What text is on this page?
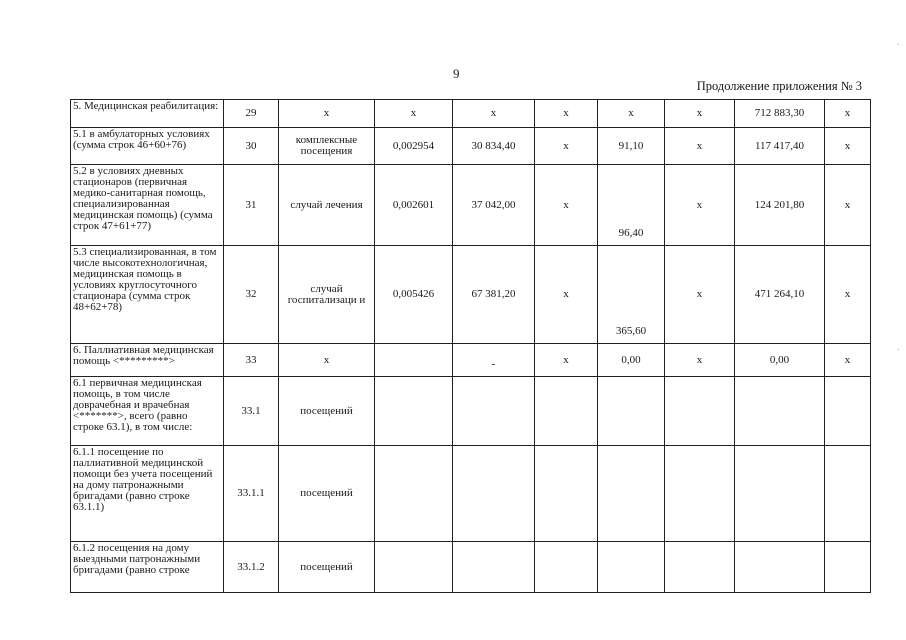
9
Продолжение приложения № 3
5. Медицинская реабилитация:	29	х	х	х	х	х	х	712 883,30	х
5.1 в амбулаторных условиях (сумма строк 46+60+76)	30	комплексные посещения	0,002954	30 834,40	х	91,10	х	117 417,40	х
5.2 в условиях дневных стационаров (первичная медико-санитарная помощь, специализированная медицинская помощь) (сумма строк 47+61+77)	31	случай лечения	0,002601	37 042,00	х	96,40	х	124 201,80	х
5.3 специализированная, в том числе высокотехнологичная, медицинская помощь в условиях круглосуточного стационара (сумма строк 48+62+78)	32	случай госпитализаци и	0,005426	67 381,20	х	365,60	х	471 264,10	х
6. Паллиативная медицинская помощь <*********>	33	х		-	х	0,00	х	0,00	х
6.1 первичная медицинская помощь, в том числе доврачебная и врачебная <*******>, всего (равно строке 63.1), в том числе:	33.1	посещений							
6.1.1 посещение по паллиативной медицинской помощи без учета посещений на дому патронажными бригадами (равно строке 63.1.1)	33.1.1	посещений							
6.1.2 посещения на дому выездными патронажными бригадами (равно строке	33.1.2	посещений							
·
·
